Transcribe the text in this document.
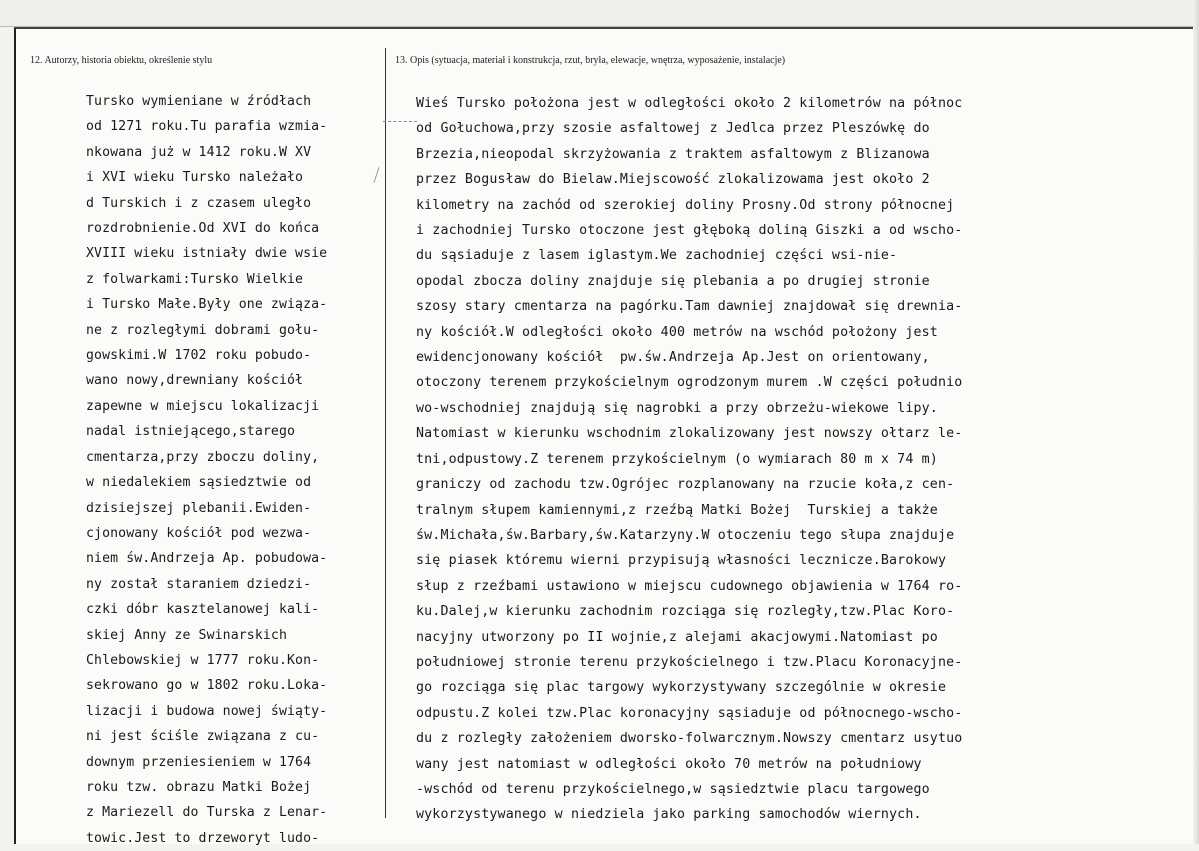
12. Autorzy, historia obiektu, określenie stylu	13. Opis (sytuacja, materiał i konstrukcja, rzut, bryła, elewacje, wnętrza, wyposażenie, instalacje)
Tursko wymieniane w źródłach
od 1271 roku.Tu parafia wzmia-
nkowana już w 1412 roku.W XV
i XVI wieku Tursko należało
d Turskich i z czasem uległo
rozdrobnienie.Od XVI do końca
XVIII wieku istniały dwie wsie
z folwarkami:Tursko Wielkie
i Tursko Małe.Były one związa-
ne z rozległymi dobrami gołu-
gowskimi.W 1702 roku pobudo-
wano nowy,drewniany kościół
zapewne w miejscu lokalizacji
nadal istniejącego,starego
cmentarza,przy zboczu doliny,
w niedalekiem sąsiedztwie od
dzisiejszej plebanii.Ewiden-
cjonowany kościół pod wezwa-
niem św.Andrzeja Ap. pobudowa-
ny został staraniem dziedzi-
czki dóbr kasztelanowej kali-
skiej Anny ze Swinarskich
Chlebowskiej w 1777 roku.Kon-
sekrowano go w 1802 roku.Loka-
lizacji i budowa nowej świąty-
ni jest ściśle związana z cu-
downym przeniesieniem w 1764
roku tzw. obrazu Matki Bożej
z Mariezell do Turska z Lenar-
towic.Jest to drzeworyt ludo-
Wieś Tursko położona jest w odległości około 2 kilometrów na północ
od Gołuchowa,przy szosie asfaltowej z Jedlca przez Pleszówkę do
Brzezia,nieopodal skrzyżowania z traktem asfaltowym z Blizanowa
przez Bogusław do Bielaw.Miejscowość zlokalizowama jest około 2
kilometry na zachód od szerokiej doliny Prosny.Od strony północnej
i zachodniej Tursko otoczone jest głęboką doliną Giszki a od wscho-
du sąsiaduje z lasem iglastym.We zachodniej części wsi-nie-
opodal zbocza doliny znajduje się plebania a po drugiej stronie
szosy stary cmentarza na pagórku.Tam dawniej znajdował się drewnia-
ny kościół.W odległości około 400 metrów na wschód położony jest
ewidencjonowany kościół  pw.św.Andrzeja Ap.Jest on orientowany,
otoczony terenem przykościelnym ogrodzonym murem .W części południo
wo-wschodniej znajdują się nagrobki a przy obrzeżu-wiekowe lipy.
Natomiast w kierunku wschodnim zlokalizowany jest nowszy ołtarz le-
tni,odpustowy.Z terenem przykościelnym (o wymiarach 80 m x 74 m)
graniczy od zachodu tzw.Ogrójec rozplanowany na rzucie koła,z cen-
tralnym słupem kamiennymi,z rzeźbą Matki Bożej  Turskiej a także
św.Michała,św.Barbary,św.Katarzyny.W otoczeniu tego słupa znajduje
się piasek któremu wierni przypisują własności lecznicze.Barokowy
słup z rzeźbami ustawiono w miejscu cudownego objawienia w 1764 ro-
ku.Dalej,w kierunku zachodnim rozciąga się rozległy,tzw.Plac Koro-
nacyjny utworzony po II wojnie,z alejami akacjowymi.Natomiast po
południowej stronie terenu przykościelnego i tzw.Placu Koronacyjne-
go rozciąga się plac targowy wykorzystywany szczególnie w okresie
odpustu.Z kolei tzw.Plac koronacyjny sąsiaduje od północnego-wscho-
du z rozległy założeniem dworsko-folwarcznym.Nowszy cmentarz usytuo
wany jest natomiast w odległości około 70 metrów na południowy
-wschód od terenu przykościelnego,w sąsiedztwie placu targowego
wykorzystywanego w niedziela jako parking samochodów wiernych.
